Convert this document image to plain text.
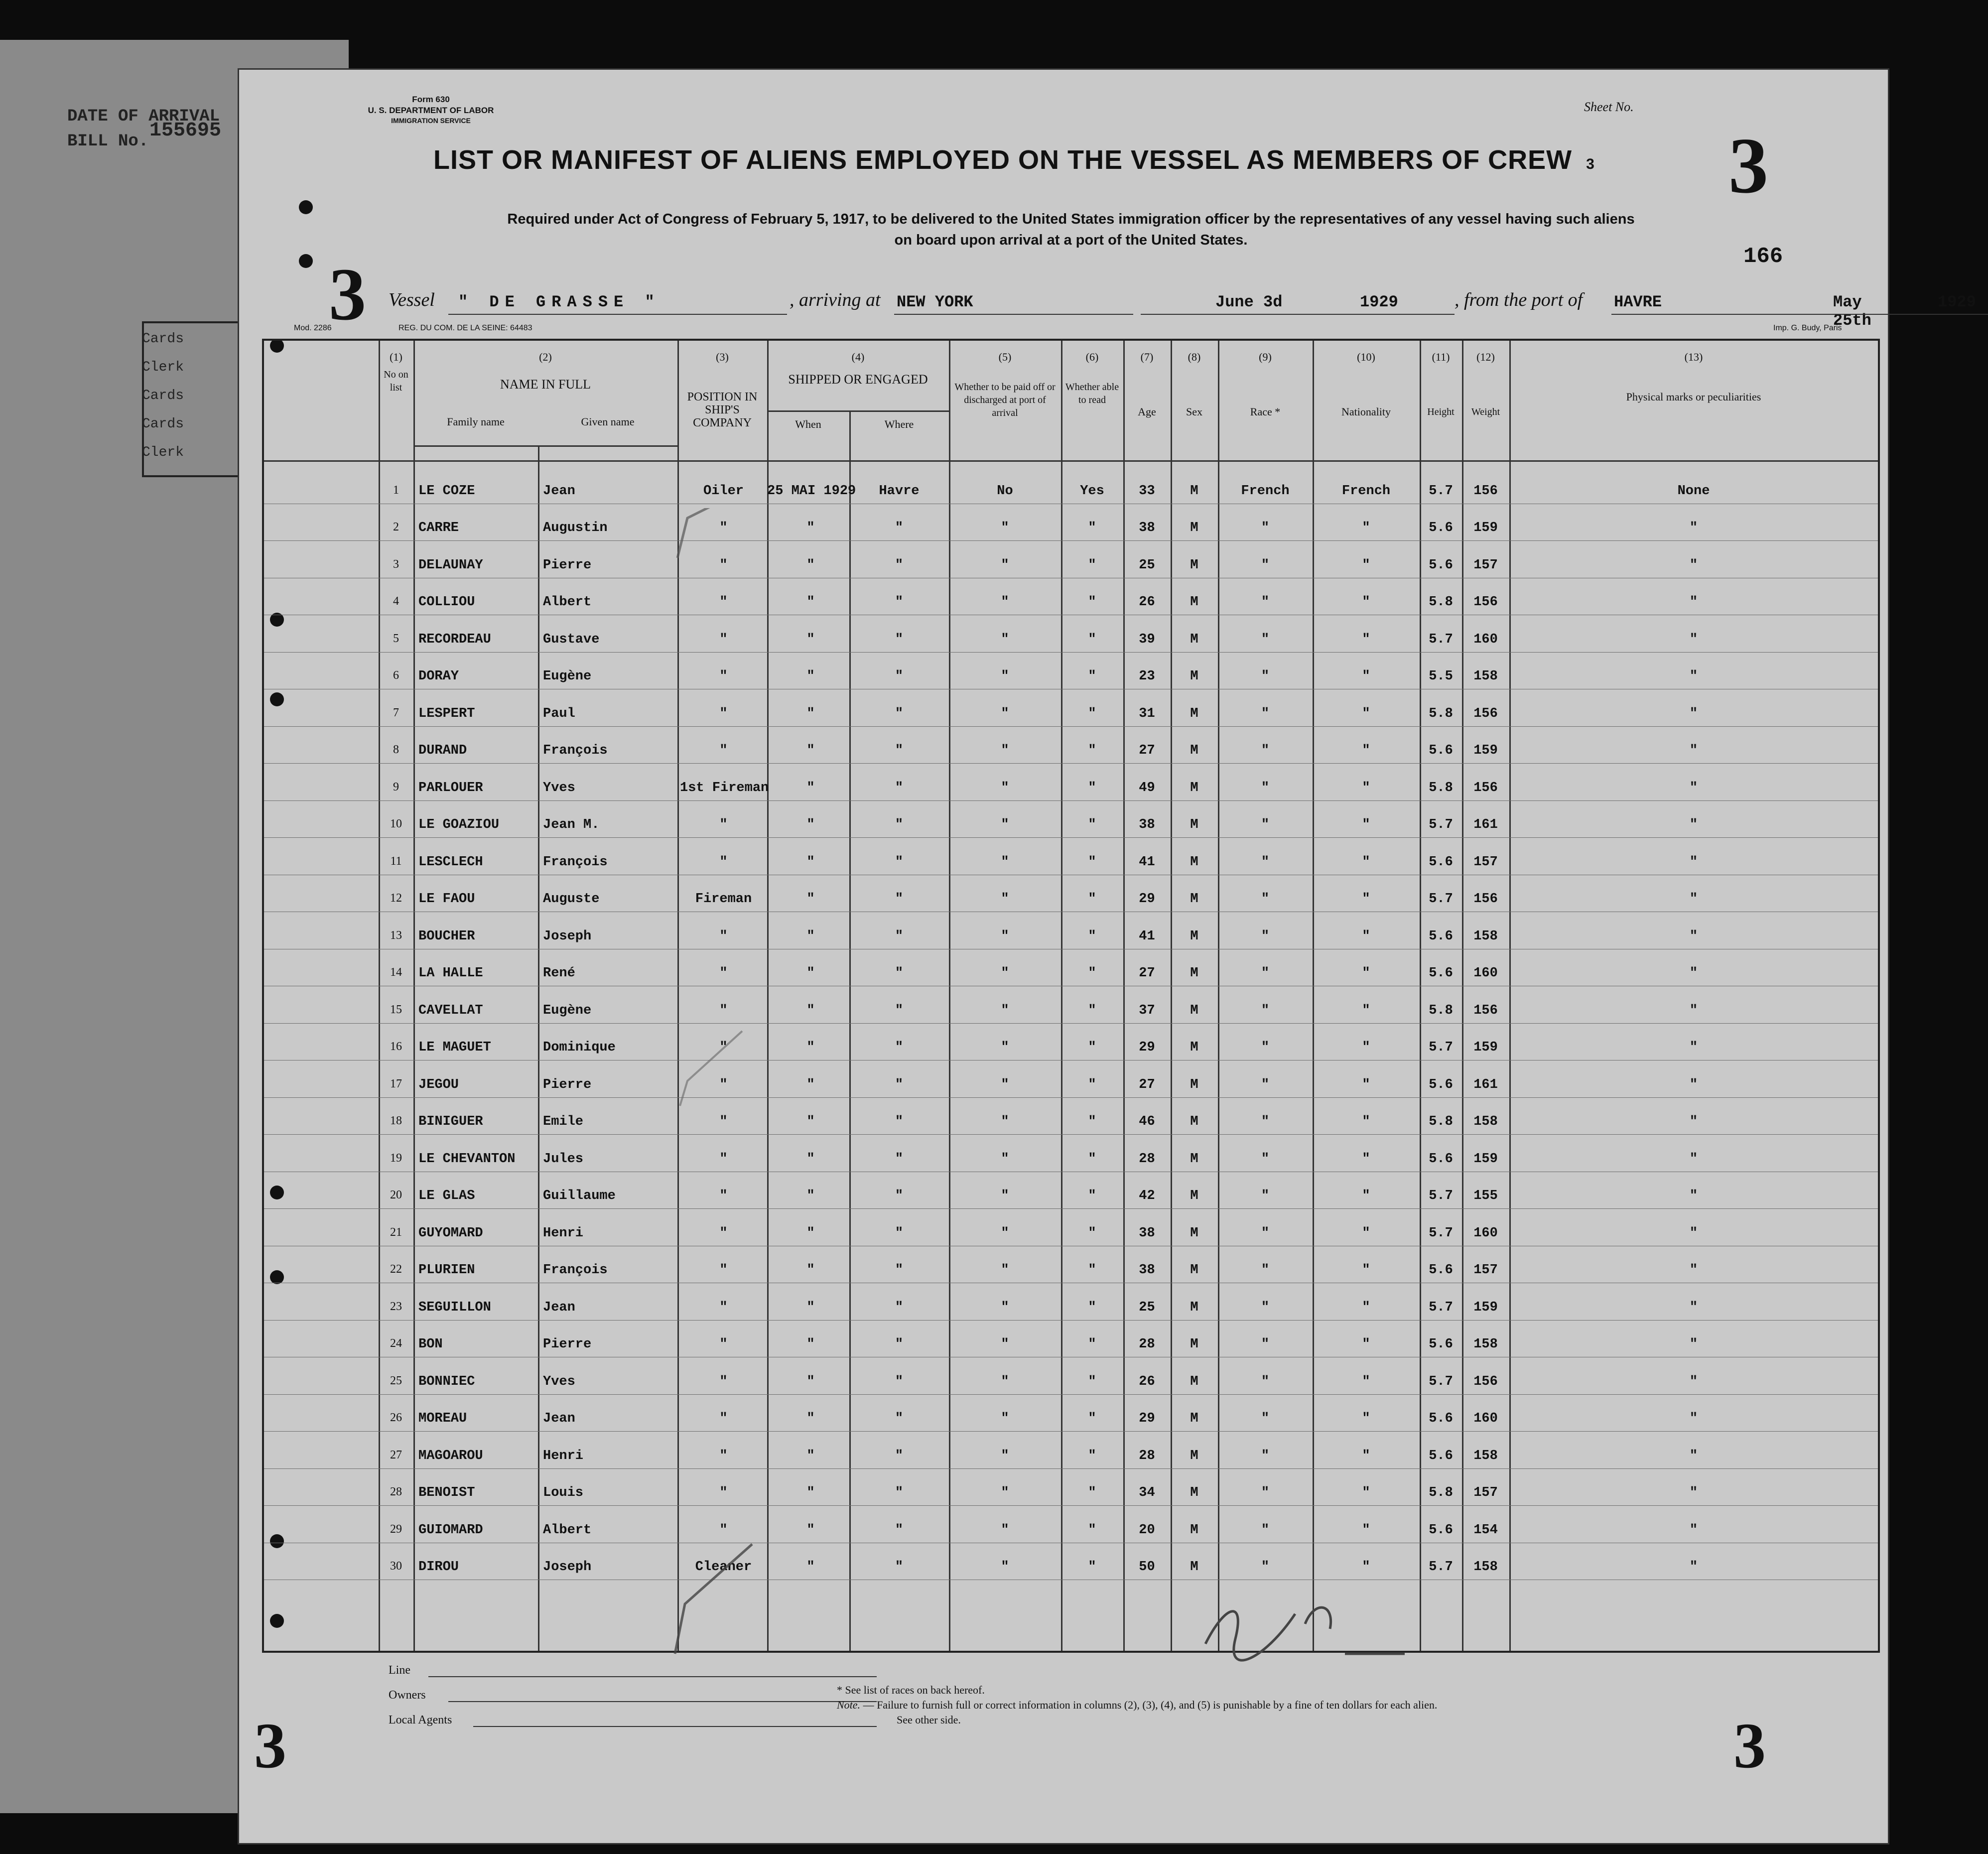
DATE OF ARRIVAL
BILL No. 155695
Cards
Clerk
Cards
Cards
Clerk
Form 630
U. S. DEPARTMENT OF LABOR
IMMIGRATION SERVICE
Sheet No.
3
LIST OR MANIFEST OF ALIENS EMPLOYED ON THE VESSEL AS MEMBERS OF CREW 3
Required under Act of Congress of February 5, 1917, to be delivered to the United States immigration officer by the representatives of any vessel having such aliens
on board upon arrival at a port of the United States.
166
3 Vessel " DE GRASSE "	, arriving at NEW YORK	June 3d	1929	, from the port of HAVRE	May 25th
1929
Mod. 2286	REG. DU COM. DE LA SEINE: 64483	Imp. G. Budy, Paris
(1)
No on list
(2)
NAME IN FULL
Family name	Given name
(3)
POSITION IN SHIP'S COMPANY
(4)
SHIPPED OR ENGAGED
When	Where
(5)
Whether to be paid off or discharged at port of arrival
(6)
Whether able to read
(7)
Age
(8)
Sex
(9)
Race *
(10)
Nationality
(11)
Height
(12)
Weight
(13)
Physical marks or peculiarities
1	LE COZE	Jean	Oiler	25 MAI 1929	Havre	No	Yes	33	M	French	French	5.7	156	None
2	CARRE	Augustin	"	"	"	"	"	38	M	"	"	5.6	159	"
3	DELAUNAY	Pierre	"	"	"	"	"	25	M	"	"	5.6	157	"
4	COLLIOU	Albert	"	"	"	"	"	26	M	"	"	5.8	156	"
5	RECORDEAU	Gustave	"	"	"	"	"	39	M	"	"	5.7	160	"
6	DORAY	Eugène	"	"	"	"	"	23	M	"	"	5.5	158	"
7	LESPERT	Paul	"	"	"	"	"	31	M	"	"	5.8	156	"
8	DURAND	François	"	"	"	"	"	27	M	"	"	5.6	159	"
9	PARLOUER	Yves	1st Fireman	"	"	"	"	49	M	"	"	5.8	156	"
10	LE GOAZIOU	Jean M.	"	"	"	"	"	38	M	"	"	5.7	161	"
11	LESCLECH	François	"	"	"	"	"	41	M	"	"	5.6	157	"
12	LE FAOU	Auguste	Fireman	"	"	"	"	29	M	"	"	5.7	156	"
13	BOUCHER	Joseph	"	"	"	"	"	41	M	"	"	5.6	158	"
14	LA HALLE	René	"	"	"	"	"	27	M	"	"	5.6	160	"
15	CAVELLAT	Eugène	"	"	"	"	"	37	M	"	"	5.8	156	"
16	LE MAGUET	Dominique	"	"	"	"	"	29	M	"	"	5.7	159	"
17	JEGOU	Pierre	"	"	"	"	"	27	M	"	"	5.6	161	"
18	BINIGUER	Emile	"	"	"	"	"	46	M	"	"	5.8	158	"
19	LE CHEVANTON	Jules	"	"	"	"	"	28	M	"	"	5.6	159	"
20	LE GLAS	Guillaume	"	"	"	"	"	42	M	"	"	5.7	155	"
21	GUYOMARD	Henri	"	"	"	"	"	38	M	"	"	5.7	160	"
22	PLURIEN	François	"	"	"	"	"	38	M	"	"	5.6	157	"
23	SEGUILLON	Jean	"	"	"	"	"	25	M	"	"	5.7	159	"
24	BON	Pierre	"	"	"	"	"	28	M	"	"	5.6	158	"
25	BONNIEC	Yves	"	"	"	"	"	26	M	"	"	5.7	156	"
26	MOREAU	Jean	"	"	"	"	"	29	M	"	"	5.6	160	"
27	MAGOAROU	Henri	"	"	"	"	"	28	M	"	"	5.6	158	"
28	BENOIST	Louis	"	"	"	"	"	34	M	"	"	5.8	157	"
29	GUIOMARD	Albert	"	"	"	"	"	20	M	"	"	5.6	154	"
30	DIROU	Joseph	Cleaner	"	"	"	"	50	M	"	"	5.7	158	"
Line
Owners
Local Agents
* See list of races on back hereof.
Note. — Failure to furnish full or correct information in columns (2), (3), (4), and (5) is punishable by a fine of ten dollars for each alien.
See other side.
3	3
